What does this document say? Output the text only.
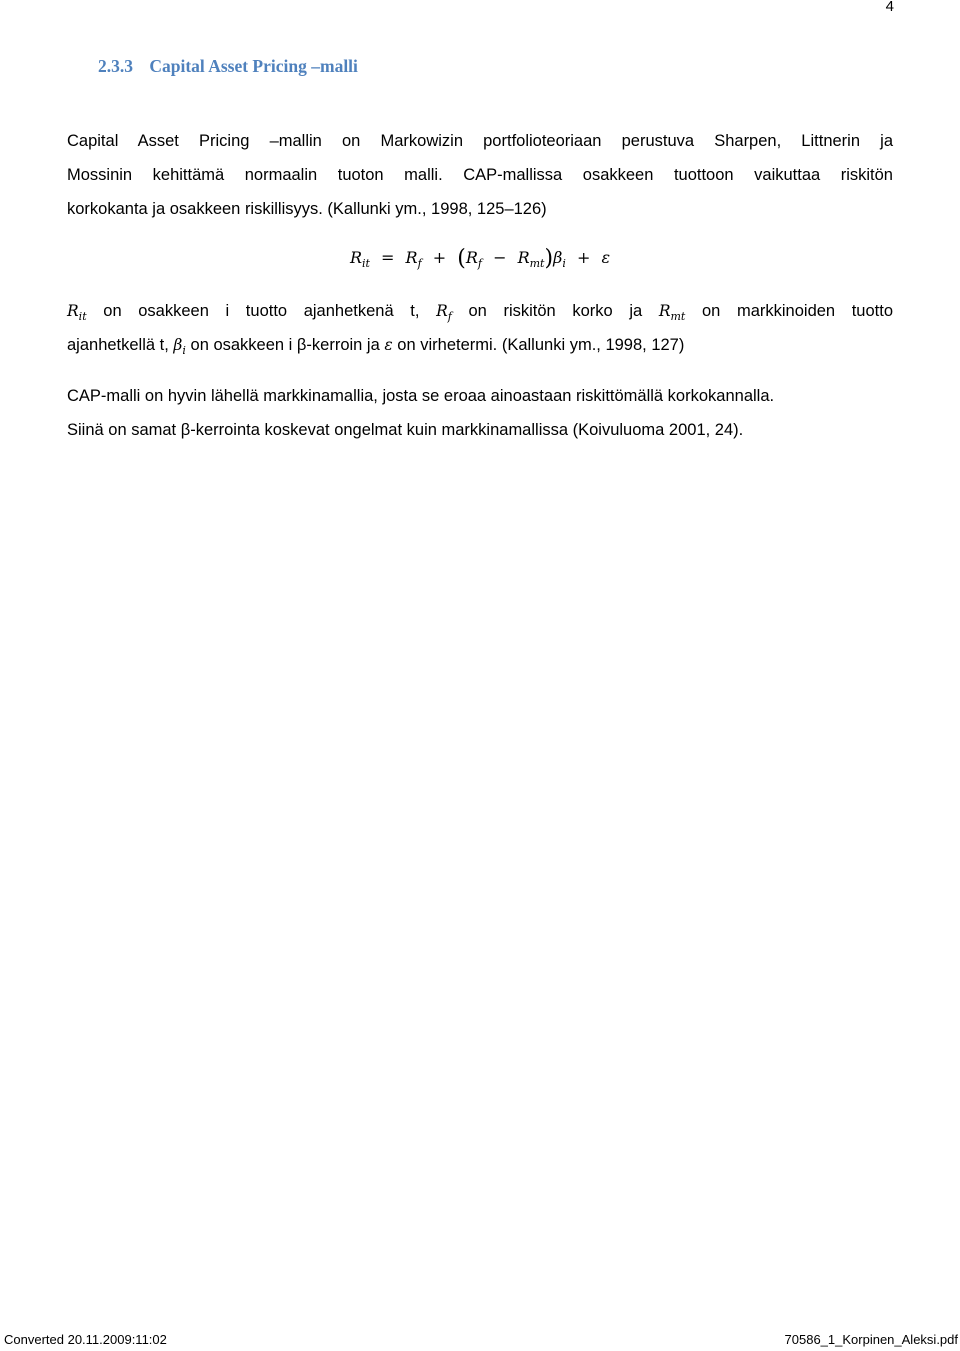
4
2.3.3 Capital Asset Pricing –malli
Capital Asset Pricing –mallin on Markowizin portfolioteoriaan perustuva Sharpen, Littnerin ja
Mossinin kehittämä normaalin tuoton malli. CAP-mallissa osakkeen tuottoon vaikuttaa riskitön
korkokanta ja osakkeen riskillisyys. (Kallunki ym., 1998, 125–126)
$R_{it} = R_f + (R_f - R_{mt})\beta_i + \varepsilon$
$R_{it}$ on osakkeen i tuotto ajanhetkenä t, $R_f$ on riskitön korko ja $R_{mt}$ on markkinoiden tuotto
ajanhetkellä t, $\beta_i$ on osakkeen i β-kerroin ja ε on virhetermi. (Kallunki ym., 1998, 127)
CAP-malli on hyvin lähellä markkinamallia, josta se eroaa ainoastaan riskittömällä korkokannalla.
Siinä on samat β-kerrointa koskevat ongelmat kuin markkinamallissa (Koivuluoma 2001, 24).
Converted 20.11.2009:11:02	70586_1_Korpinen_Aleksi.pdf
